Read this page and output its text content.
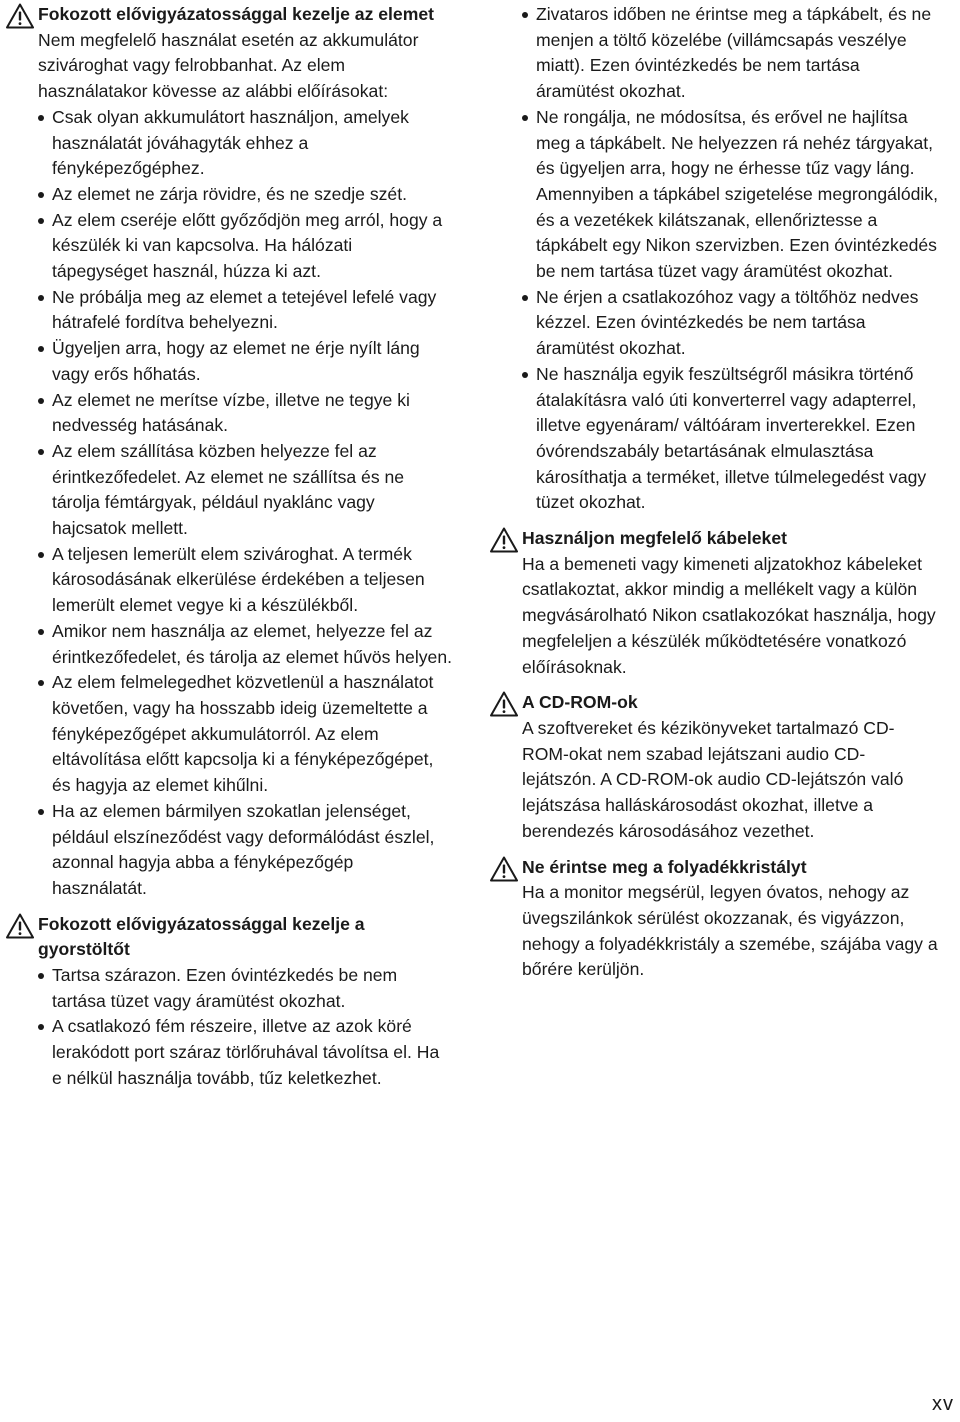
Fokozott elővigyázatossággal kezelje az elemet

Nem megfelelő használat esetén az akkumulátor szivároghat vagy felrobbanhat. Az elem használatakor kövesse az alábbi előírásokat:

Csak olyan akkumulátort használjon, amelyek használatát jóváhagyták ehhez a fényképezőgéphez.
Az elemet ne zárja rövidre, és ne szedje szét.
Az elem cseréje előtt győződjön meg arról, hogy a készülék ki van kapcsolva. Ha hálózati tápegységet használ, húzza ki azt.
Ne próbálja meg az elemet a tetejével lefelé vagy hátrafelé fordítva behelyezni.
Ügyeljen arra, hogy az elemet ne érje nyílt láng vagy erős hőhatás.
Az elemet ne merítse vízbe, illetve ne tegye ki nedvesség hatásának.
Az elem szállítása közben helyezze fel az érintkezőfedelet. Az elemet ne szállítsa és ne tárolja fémtárgyak, például nyaklánc vagy hajcsatok mellett.
A teljesen lemerült elem szivároghat. A termék károsodásának elkerülése érdekében a teljesen lemerült elemet vegye ki a készülékből.
Amikor nem használja az elemet, helyezze fel az érintkezőfedelet, és tárolja az elemet hűvös helyen.
Az elem felmelegedhet közvetlenül a használatot követően, vagy ha hosszabb ideig üzemeltette a fényképezőgépet akkumulátorról. Az elem eltávolítása előtt kapcsolja ki a fényképezőgépet, és hagyja az elemet kihűlni.
Ha az elemen bármilyen szokatlan jelenséget, például elszíneződést vagy deformálódást észlel, azonnal hagyja abba a fényképezőgép használatát.

Fokozott elővigyázatossággal kezelje a gyorstöltőt

Tartsa szárazon. Ezen óvintézkedés be nem tartása tüzet vagy áramütést okozhat.
A csatlakozó fém részeire, illetve az azok köré lerakódott port száraz törlőruhával távolítsa el. Ha e nélkül használja tovább, tűz keletkezhet.
Zivataros időben ne érintse meg a tápkábelt, és ne menjen a töltő közelébe (villámcsapás veszélye miatt). Ezen óvintézkedés be nem tartása áramütést okozhat.
Ne rongálja, ne módosítsa, és erővel ne hajlítsa meg a tápkábelt. Ne helyezzen rá nehéz tárgyakat, és ügyeljen arra, hogy ne érhesse tűz vagy láng. Amennyiben a tápkábel szigetelése megrongálódik, és a vezetékek kilátszanak, ellenőriztesse a tápkábelt egy Nikon szervizben. Ezen óvintézkedés be nem tartása tüzet vagy áramütést okozhat.
Ne érjen a csatlakozóhoz vagy a töltőhöz nedves kézzel. Ezen óvintézkedés be nem tartása áramütést okozhat.
Ne használja egyik feszültségről másikra történő átalakításra való úti konverterrel vagy adapterrel, illetve egyenáram/ váltóáram inverterekkel. Ezen óvórendszabály betartásának elmulasztása károsíthatja a terméket, illetve túlmelegedést vagy tüzet okozhat.

Használjon megfelelő kábeleket

Ha a bemeneti vagy kimeneti aljzatokhoz kábeleket csatlakoztat, akkor mindig a mellékelt vagy a külön megvásárolható Nikon csatlakozókat használja, hogy megfeleljen a készülék működtetésére vonatkozó előírásoknak.

A CD-ROM-ok

A szoftvereket és kézikönyveket tartalmazó CD-ROM-okat nem szabad lejátszani audio CD-lejátszón. A CD-ROM-ok audio CD-lejátszón való lejátszása halláskárosodást okozhat, illetve a berendezés károsodásához vezethet.

Ne érintse meg a folyadékkristályt

Ha a monitor megsérül, legyen óvatos, nehogy az üvegszilánkok sérülést okozzanak, és vigyázzon, nehogy a folyadékkristály a szemébe, szájába vagy a bőrére kerüljön.

xv
